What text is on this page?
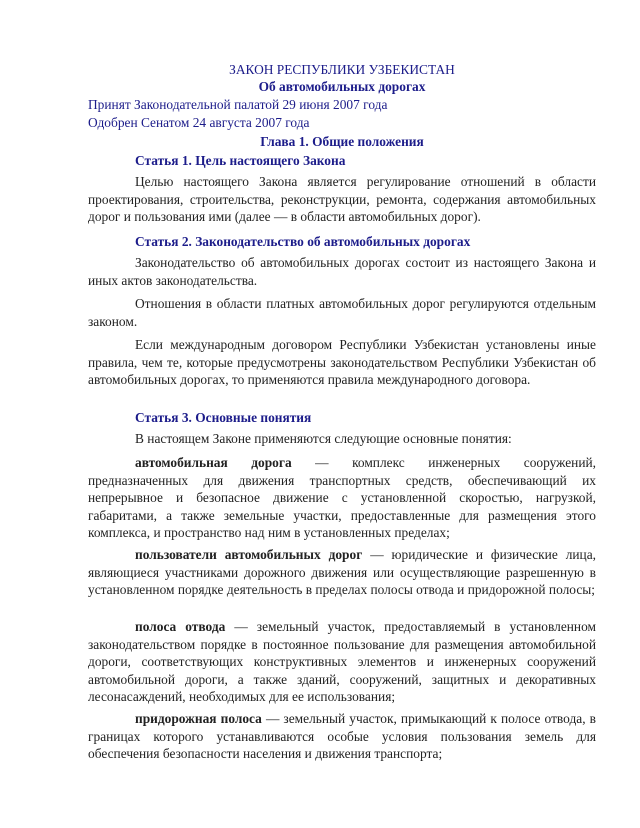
ЗАКОН РЕСПУБЛИКИ УЗБЕКИСТАН
Об автомобильных дорогах
Принят Законодательной палатой 29 июня 2007 года
Одобрен Сенатом 24 августа 2007 года
Глава 1. Общие положения
Статья 1. Цель настоящего Закона
Целью настоящего Закона является регулирование отношений в области проектирования, строительства, реконструкции, ремонта, содержания автомобильных дорог и пользования ими (далее — в области автомобильных дорог).
Статья 2. Законодательство об автомобильных дорогах
Законодательство об автомобильных дорогах состоит из настоящего Закона и иных актов законодательства.
Отношения в области платных автомобильных дорог регулируются отдельным законом.
Если международным договором Республики Узбекистан установлены иные правила, чем те, которые предусмотрены законодательством Республики Узбекистан об автомобильных дорогах, то применяются правила международного договора.
Статья 3. Основные понятия
В настоящем Законе применяются следующие основные понятия:
автомобильная дорога — комплекс инженерных сооружений, предназначенных для движения транспортных средств, обеспечивающий их непрерывное и безопасное движение с установленной скоростью, нагрузкой, габаритами, а также земельные участки, предоставленные для размещения этого комплекса, и пространство над ним в установленных пределах;
пользователи автомобильных дорог — юридические и физические лица, являющиеся участниками дорожного движения или осуществляющие разрешенную в установленном порядке деятельность в пределах полосы отвода и придорожной полосы;
полоса отвода — земельный участок, предоставляемый в установленном законодательством порядке в постоянное пользование для размещения автомобильной дороги, соответствующих конструктивных элементов и инженерных сооружений автомобильной дороги, а также зданий, сооружений, защитных и декоративных лесонасаждений, необходимых для ее использования;
придорожная полоса — земельный участок, примыкающий к полосе отвода, в границах которого устанавливаются особые условия пользования земель для обеспечения безопасности населения и движения транспорта;
